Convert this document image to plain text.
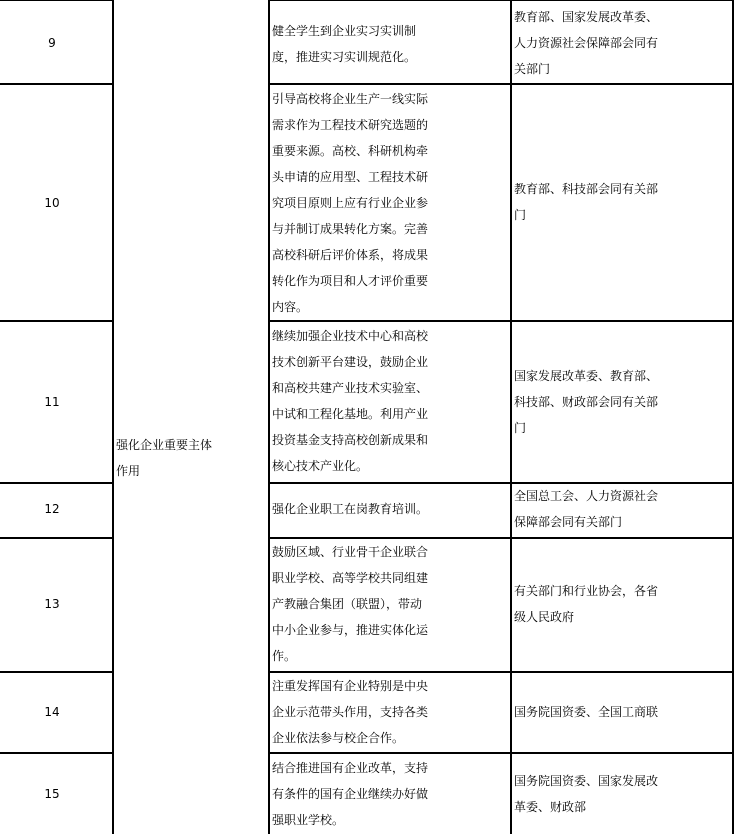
强化企业重要主体
作用
9
健全学生到企业实习实训制
度，推进实习实训规范化。
教育部、国家发展改革委、
人力资源社会保障部会同有
关部门
10
引导高校将企业生产一线实际
需求作为工程技术研究选题的
重要来源。高校、科研机构牵
头申请的应用型、工程技术研
究项目原则上应有行业企业参
与并制订成果转化方案。完善
高校科研后评价体系，将成果
转化作为项目和人才评价重要
内容。
教育部、科技部会同有关部
门
11
继续加强企业技术中心和高校
技术创新平台建设，鼓励企业
和高校共建产业技术实验室、
中试和工程化基地。利用产业
投资基金支持高校创新成果和
核心技术产业化。
国家发展改革委、教育部、
科技部、财政部会同有关部
门
12	强化企业职工在岗教育培训。
全国总工会、人力资源社会
保障部会同有关部门
13
鼓励区域、行业骨干企业联合
职业学校、高等学校共同组建
产教融合集团（联盟），带动
中小企业参与，推进实体化运
作。
有关部门和行业协会，各省
级人民政府
14
注重发挥国有企业特别是中央
企业示范带头作用，支持各类
企业依法参与校企合作。
国务院国资委、全国工商联
15
结合推进国有企业改革，支持
有条件的国有企业继续办好做
强职业学校。
国务院国资委、国家发展改
革委、财政部
